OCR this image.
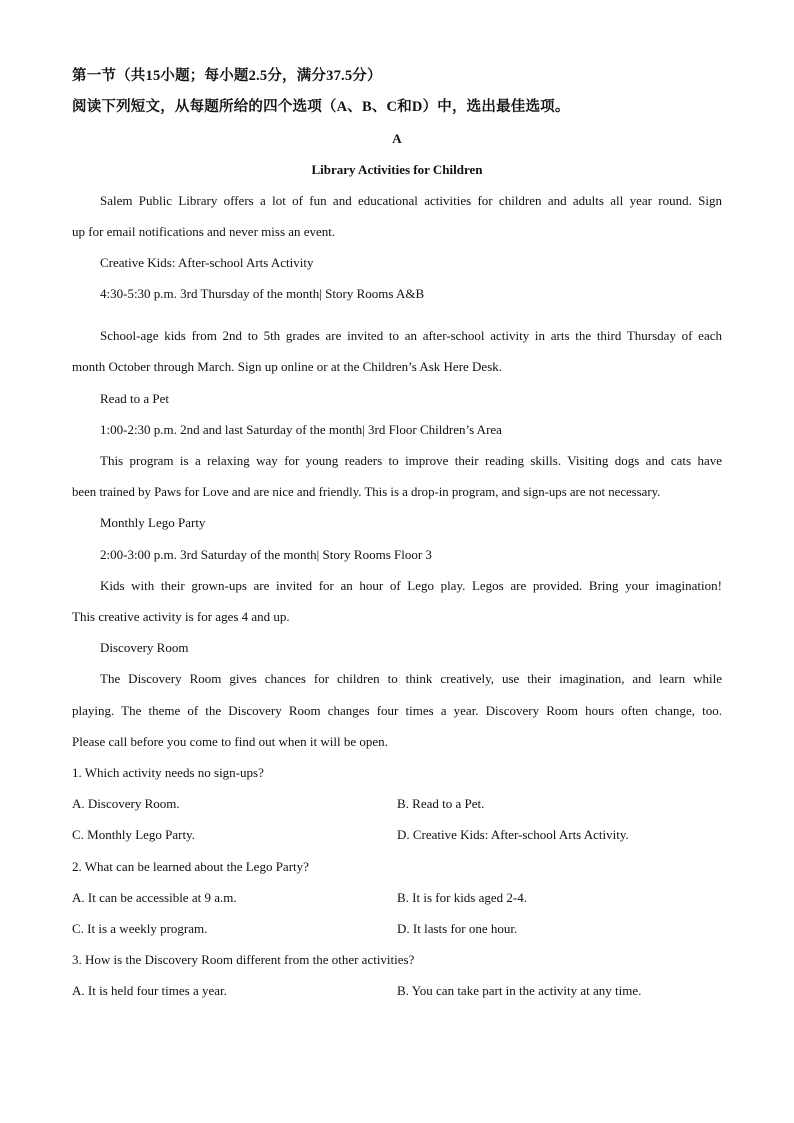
第一节（共15小题；每小题2.5分，满分37.5分）
阅读下列短文，从每题所给的四个选项（A、B、C和D）中，选出最佳选项。
A
Library Activities for Children
Salem Public Library offers a lot of fun and educational activities for children and adults all year round. Sign
up for email notifications and never miss an event.
Creative Kids: After-school Arts Activity
4:30-5:30 p.m. 3rd Thursday of the month| Story Rooms A&B
School-age kids from 2nd to 5th grades are invited to an after-school activity in arts the third Thursday of each
month October through March. Sign up online or at the Children’s Ask Here Desk.
Read to a Pet
1:00-2:30 p.m. 2nd and last Saturday of the month| 3rd Floor Children’s Area
This program is a relaxing way for young readers to improve their reading skills. Visiting dogs and cats have
been trained by Paws for Love and are nice and friendly. This is a drop-in program, and sign-ups are not necessary.
Monthly Lego Party
2:00-3:00 p.m. 3rd Saturday of the month| Story Rooms Floor 3
Kids with their grown-ups are invited for an hour of Lego play. Legos are provided. Bring your imagination!
This creative activity is for ages 4 and up.
Discovery Room
The Discovery Room gives chances for children to think creatively, use their imagination, and learn while
playing. The theme of the Discovery Room changes four times a year. Discovery Room hours often change, too.
Please call before you come to find out when it will be open.
1. Which activity needs no sign-ups?
A. Discovery Room.	B. Read to a Pet.
C. Monthly Lego Party.	D. Creative Kids: After-school Arts Activity.
2. What can be learned about the Lego Party?
A. It can be accessible at 9 a.m.	B. It is for kids aged 2-4.
C. It is a weekly program.	D. It lasts for one hour.
3. How is the Discovery Room different from the other activities?
A. It is held four times a year.	B. You can take part in the activity at any time.
